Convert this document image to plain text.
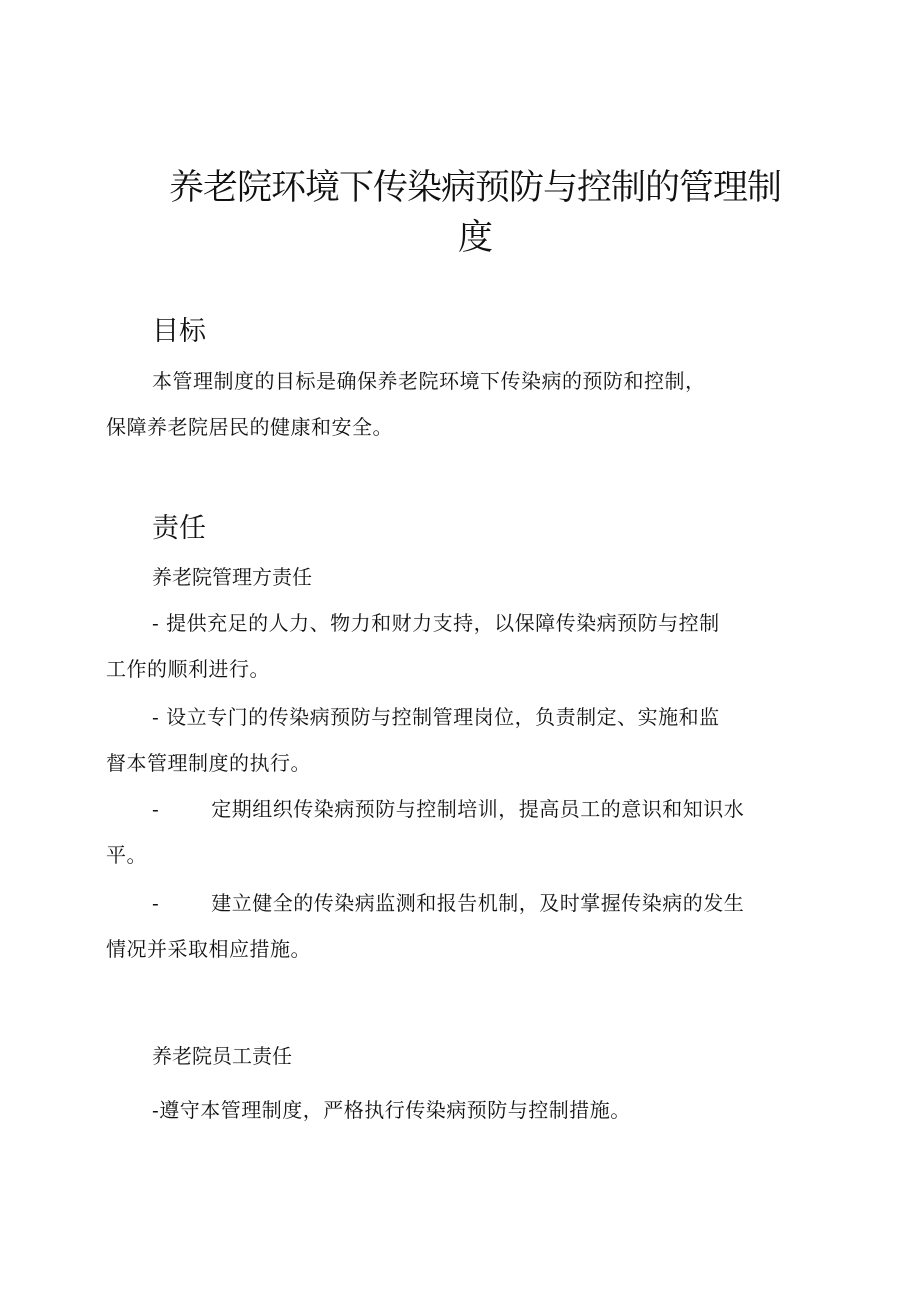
养老院环境下传染病预防与控制的管理制
度
目标
本管理制度的目标是确保养老院环境下传染病的预防和控制，
保障养老院居民的健康和安全。
责任
养老院管理方责任
- 提供充足的人力、物力和财力支持，以保障传染病预防与控制
工作的顺利进行。
- 设立专门的传染病预防与控制管理岗位，负责制定、实施和监
督本管理制度的执行。
-	定期组织传染病预防与控制培训，提高员工的意识和知识水
平。
-	建立健全的传染病监测和报告机制，及时掌握传染病的发生
情况并采取相应措施。
养老院员工责任
-遵守本管理制度，严格执行传染病预防与控制措施。
